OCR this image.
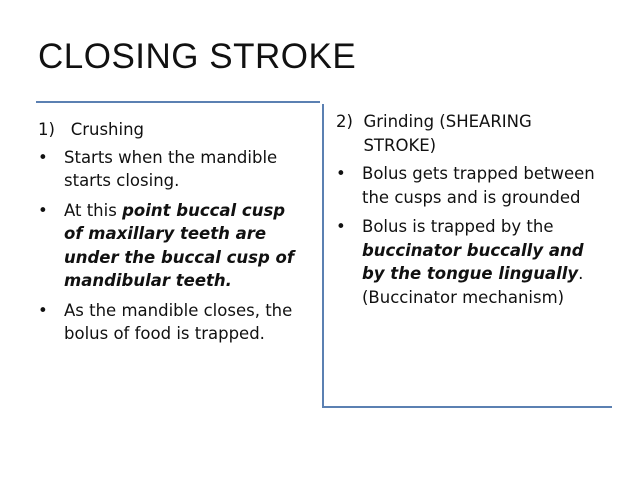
CLOSING STROKE
1) Crushing
• Starts when the mandible starts closing.
• At this point buccal cusp of maxillary teeth are under the buccal cusp of mandibular teeth.
• As the mandible closes, the bolus of food is trapped.
2) Grinding (SHEARING STROKE)
• Bolus gets trapped between the cusps and is grounded
• Bolus is trapped by the buccinator buccally and by the tongue lingually. (Buccinator mechanism)
